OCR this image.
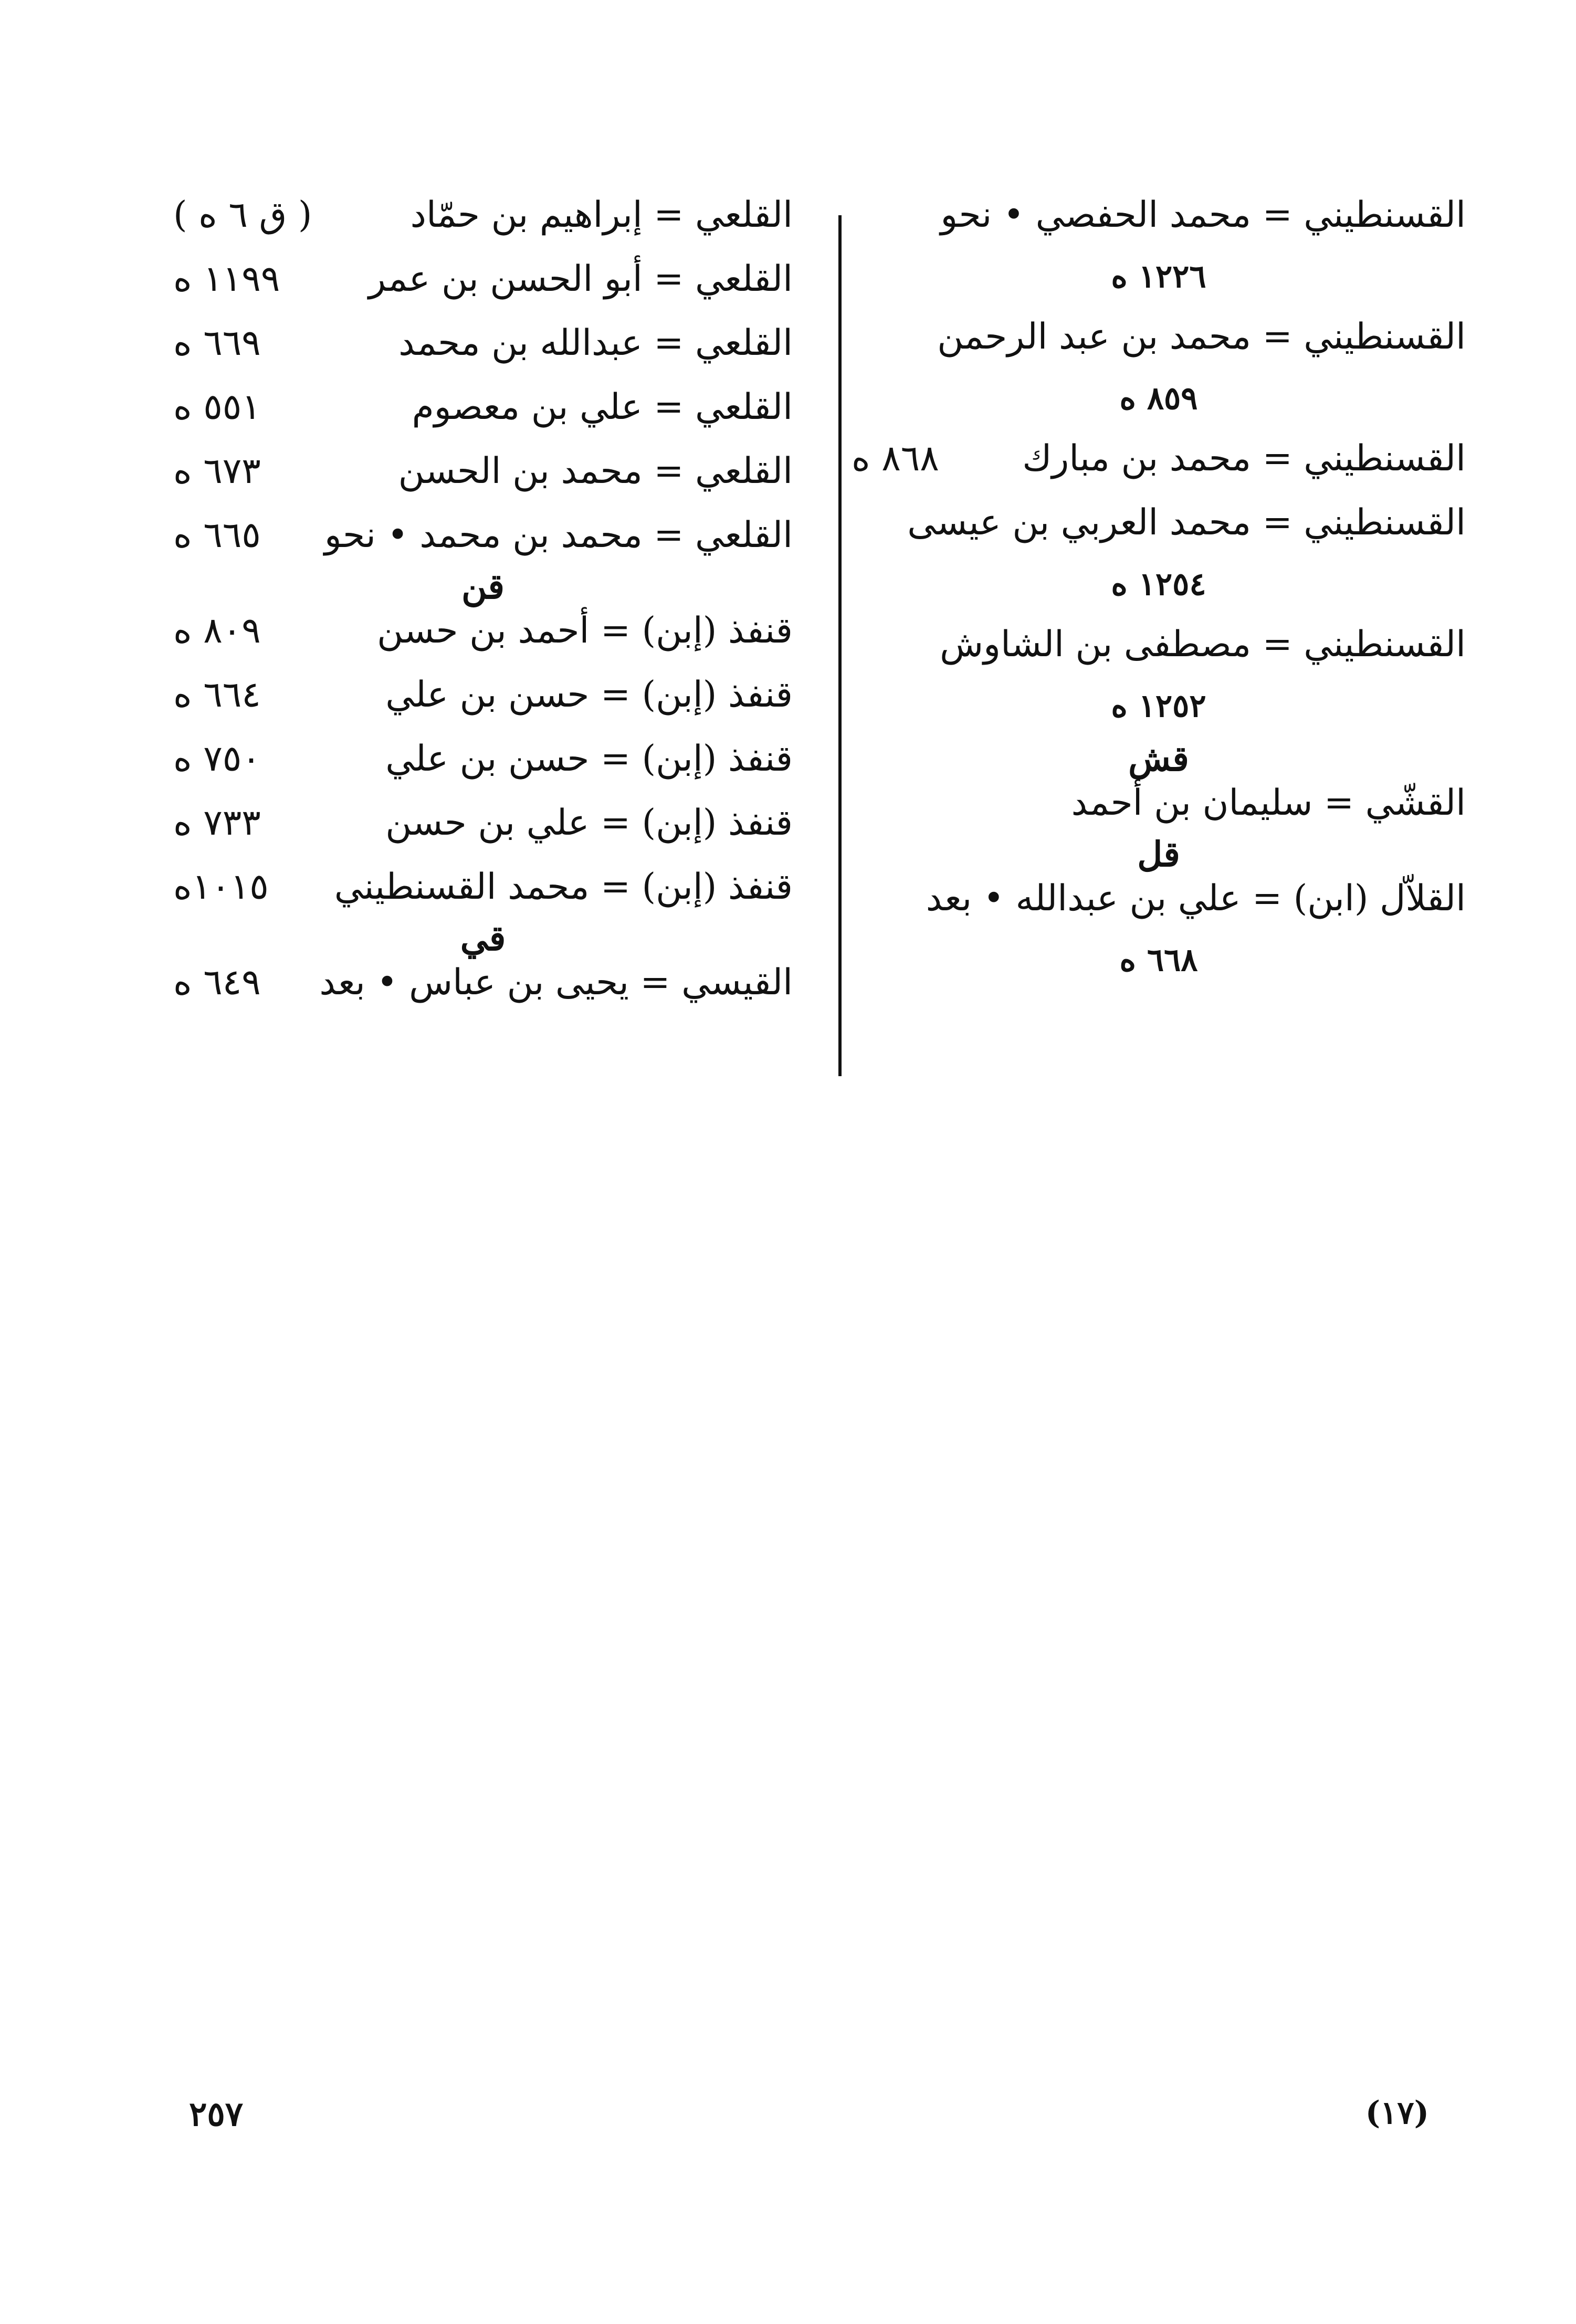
القسنطيني = محمد الحفصي • نحو
١٢٢٦ ه
القسنطيني = محمد بن عبد الرحمن
٨٥٩ ه
القسنطيني = محمد بن مبارك
٨٦٨ ه
القسنطيني = محمد العربي بن عيسى
١٢٥٤ ه
القسنطيني = مصطفى بن الشاوش
١٢٥٢ ه
قش
القشّي = سليمان بن أحمد
قل
القلاّل (ابن) = علي بن عبدالله • بعد
٦٦٨ ه
القلعي = إبراهيم بن حمّاد
( ق ٦ ه )
القلعي = أبو الحسن بن عمر
١١٩٩ ه
القلعي = عبدالله بن محمد
٦٦٩ ه
القلعي = علي بن معصوم
٥٥١ ه
القلعي = محمد بن الحسن
٦٧٣ ه
القلعي = محمد بن محمد • نحو
٦٦٥ ه
قن
قنفذ (إبن) = أحمد بن حسن
٨٠٩ ه
قنفذ (إبن) = حسن بن علي
٦٦٤ ه
قنفذ (إبن) = حسن بن علي
٧٥٠ ه
قنفذ (إبن) = علي بن حسن
٧٣٣ ه
قنفذ (إبن) = محمد القسنطيني
١٠١٥ه
قي
القيسي = يحيى بن عباس • بعد
٦٤٩ ه
٢٥٧	(١٧)
